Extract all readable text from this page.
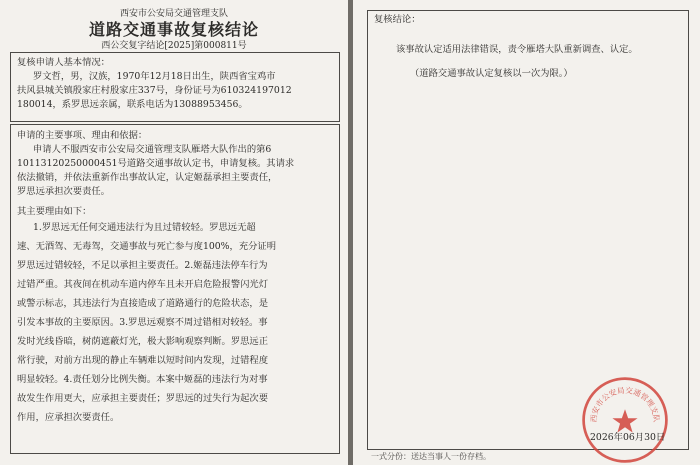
西安市公安局交通管理支队
道路交通事故复核结论
西公交复字结论[2025]第000811号
复核申请人基本情况：
罗文哲，男，汉族，1970年12月18日出生，陕西省宝鸡市
扶风县城关镇殷家庄村殷家庄337号，身份证号为610324197012
180014，系罗思远亲属，联系电话为13088953456。
申请的主要事项、理由和依据：
申请人不服西安市公安局交通管理支队雁塔大队作出的第6
10113120250000451号道路交通事故认定书，申请复核。其请求
依法撤销，并依法重新作出事故认定，认定姬磊承担主要责任，
罗思远承担次要责任。
其主要理由如下：
1.罗思远无任何交通违法行为且过错较轻。罗思远无超
速、无酒驾、无毒驾，交通事故与死亡参与度100%，充分证明
罗思远过错较轻，不足以承担主要责任。2.姬磊违法停车行为
过错严重。其夜间在机动车道内停车且未开启危险报警闪光灯
或警示标志，其违法行为直接造成了道路通行的危险状态，是
引发本事故的主要原因。3.罗思远观察不周过错相对较轻。事
发时光线昏暗，树荫遮蔽灯光，极大影响观察判断。罗思远正
常行驶，对前方出现的静止车辆难以短时间内发现，过错程度
明显较轻。4.责任划分比例失衡。本案中姬磊的违法行为对事
故发生作用更大，应承担主要责任；罗思远的过失行为起次要
作用，应承担次要责任。
复核结论：
该事故认定适用法律错误，责令雁塔大队重新调查、认定。
（道路交通事故认定复核以一次为限。）
西安市公安局交通管理支队
2026年06月30日
一式分份：送达当事人一份存档。
